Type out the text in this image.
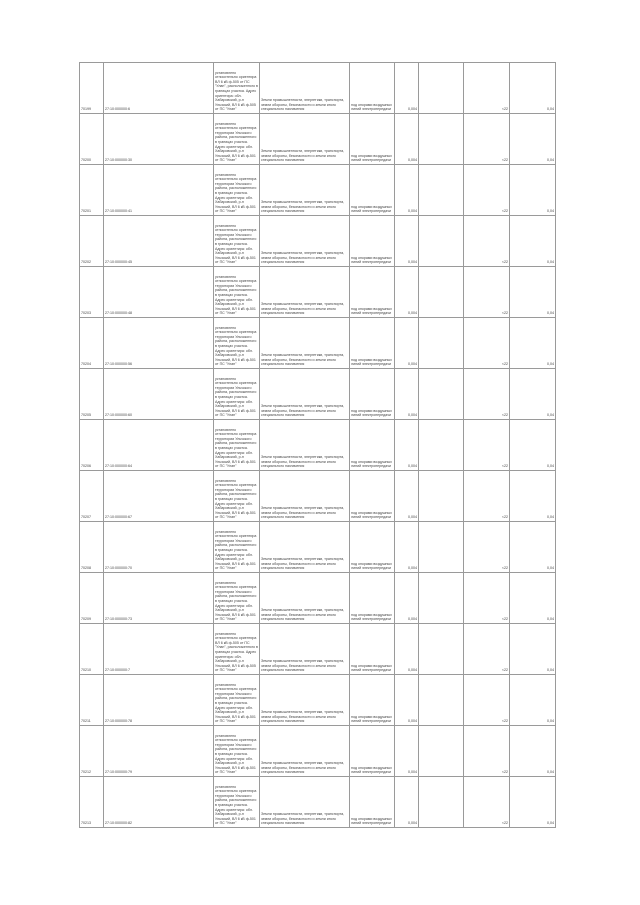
70199	27:10:000000:6	установлено относительно ориентира ВЛ 6 кВ ф-505 от ПС "Улан", расположенного в границах участка. Адрес ориентира: обл. Хабаровский, р-н Ульчский, ВЛ 6 кВ ф-505 от ПС "Улан"	Земли промышленности, энергетики, транспорта, земли обороны, безопасности и земли иного специального назначения	под опорами воздушных линий электропередачи	0,004		<22	0,04
70200	27:10:000000:30	установлено относительно ориентира территории Ульчского района, расположенного в границах участка. Адрес ориентира: обл. Хабаровский, р-н Ульчский, ВЛ 6 кВ ф-501 от ПС "Улан"	Земли промышленности, энергетики, транспорта, земли обороны, безопасности и земли иного специального назначения	под опорами воздушных линий электропередачи	0,004		<22	0,04
70201	27:10:000000:41	установлено относительно ориентира территории Ульчского района, расположенного в границах участка. Адрес ориентира: обл. Хабаровский, р-н Ульчский, ВЛ 6 кВ ф-501 от ПС "Улан"	Земли промышленности, энергетики, транспорта, земли обороны, безопасности и земли иного специального назначения	под опорами воздушных линий электропередачи	0,004		<22	0,04
70202	27:10:000000:45	установлено относительно ориентира территории Ульчского района, расположенного в границах участка. Адрес ориентира: обл. Хабаровский, р-н Ульчский, ВЛ 6 кВ ф-501 от ПС "Улан"	Земли промышленности, энергетики, транспорта, земли обороны, безопасности и земли иного специального назначения	под опорами воздушных линий электропередачи	0,004		<22	0,04
70203	27:10:000000:48	установлено относительно ориентира территории Ульчского района, расположенного в границах участка. Адрес ориентира: обл. Хабаровский, р-н Ульчский, ВЛ 6 кВ ф-501 от ПС "Улан"	Земли промышленности, энергетики, транспорта, земли обороны, безопасности и земли иного специального назначения	под опорами воздушных линий электропередачи	0,004		<22	0,04
70204	27:10:000000:56	установлено относительно ориентира территории Ульчского района, расположенного в границах участка. Адрес ориентира: обл. Хабаровский, р-н Ульчский, ВЛ 6 кВ ф-501 от ПС "Улан"	Земли промышленности, энергетики, транспорта, земли обороны, безопасности и земли иного специального назначения	под опорами воздушных линий электропередачи	0,004		<22	0,04
70205	27:10:000000:60	установлено относительно ориентира территории Ульчского района, расположенного в границах участка. Адрес ориентира: обл. Хабаровский, р-н Ульчский, ВЛ 6 кВ ф-501 от ПС "Улан"	Земли промышленности, энергетики, транспорта, земли обороны, безопасности и земли иного специального назначения	под опорами воздушных линий электропередачи	0,004		<22	0,04
70206	27:10:000000:64	установлено относительно ориентира территории Ульчского района, расположенного в границах участка. Адрес ориентира: обл. Хабаровский, р-н Ульчский, ВЛ 6 кВ ф-501 от ПС "Улан"	Земли промышленности, энергетики, транспорта, земли обороны, безопасности и земли иного специального назначения	под опорами воздушных линий электропередачи	0,004		<22	0,04
70207	27:10:000000:67	установлено относительно ориентира территории Ульчского района, расположенного в границах участка. Адрес ориентира: обл. Хабаровский, р-н Ульчский, ВЛ 6 кВ ф-501 от ПС "Улан"	Земли промышленности, энергетики, транспорта, земли обороны, безопасности и земли иного специального назначения	под опорами воздушных линий электропередачи	0,004		<22	0,04
70208	27:10:000000:70	установлено относительно ориентира территории Ульчского района, расположенного в границах участка. Адрес ориентира: обл. Хабаровский, р-н Ульчский, ВЛ 6 кВ ф-501 от ПС "Улан"	Земли промышленности, энергетики, транспорта, земли обороны, безопасности и земли иного специального назначения	под опорами воздушных линий электропередачи	0,004		<22	0,04
70209	27:10:000000:73	установлено относительно ориентира территории Ульчского района, расположенного в границах участка. Адрес ориентира: обл. Хабаровский, р-н Ульчский, ВЛ 6 кВ ф-501 от ПС "Улан"	Земли промышленности, энергетики, транспорта, земли обороны, безопасности и земли иного специального назначения	под опорами воздушных линий электропередачи	0,004		<22	0,04
70210	27:10:000000:7	установлено относительно ориентира ВЛ 6 кВ ф-505 от ПС "Улан", расположенного в границах участка. Адрес ориентира: обл. Хабаровский, р-н Ульчский, ВЛ 6 кВ ф-505 от ПС "Улан"	Земли промышленности, энергетики, транспорта, земли обороны, безопасности и земли иного специального назначения	под опорами воздушных линий электропередачи	0,004		<22	0,04
70211	27:10:000000:78	установлено относительно ориентира территории Ульчского района, расположенного в границах участка. Адрес ориентира: обл. Хабаровский, р-н Ульчский, ВЛ 6 кВ ф-501 от ПС "Улан"	Земли промышленности, энергетики, транспорта, земли обороны, безопасности и земли иного специального назначения	под опорами воздушных линий электропередачи	0,004		<22	0,04
70212	27:10:000000:79	установлено относительно ориентира территории Ульчского района, расположенного в границах участка. Адрес ориентира: обл. Хабаровский, р-н Ульчский, ВЛ 6 кВ ф-501 от ПС "Улан"	Земли промышленности, энергетики, транспорта, земли обороны, безопасности и земли иного специального назначения	под опорами воздушных линий электропередачи	0,004		<22	0,04
70213	27:10:000000:82	установлено относительно ориентира территории Ульчского района, расположенного в границах участка. Адрес ориентира: обл. Хабаровский, р-н Ульчский, ВЛ 6 кВ ф-501 от ПС "Улан"	Земли промышленности, энергетики, транспорта, земли обороны, безопасности и земли иного специального назначения	под опорами воздушных линий электропередачи	0,004		<22	0,04
